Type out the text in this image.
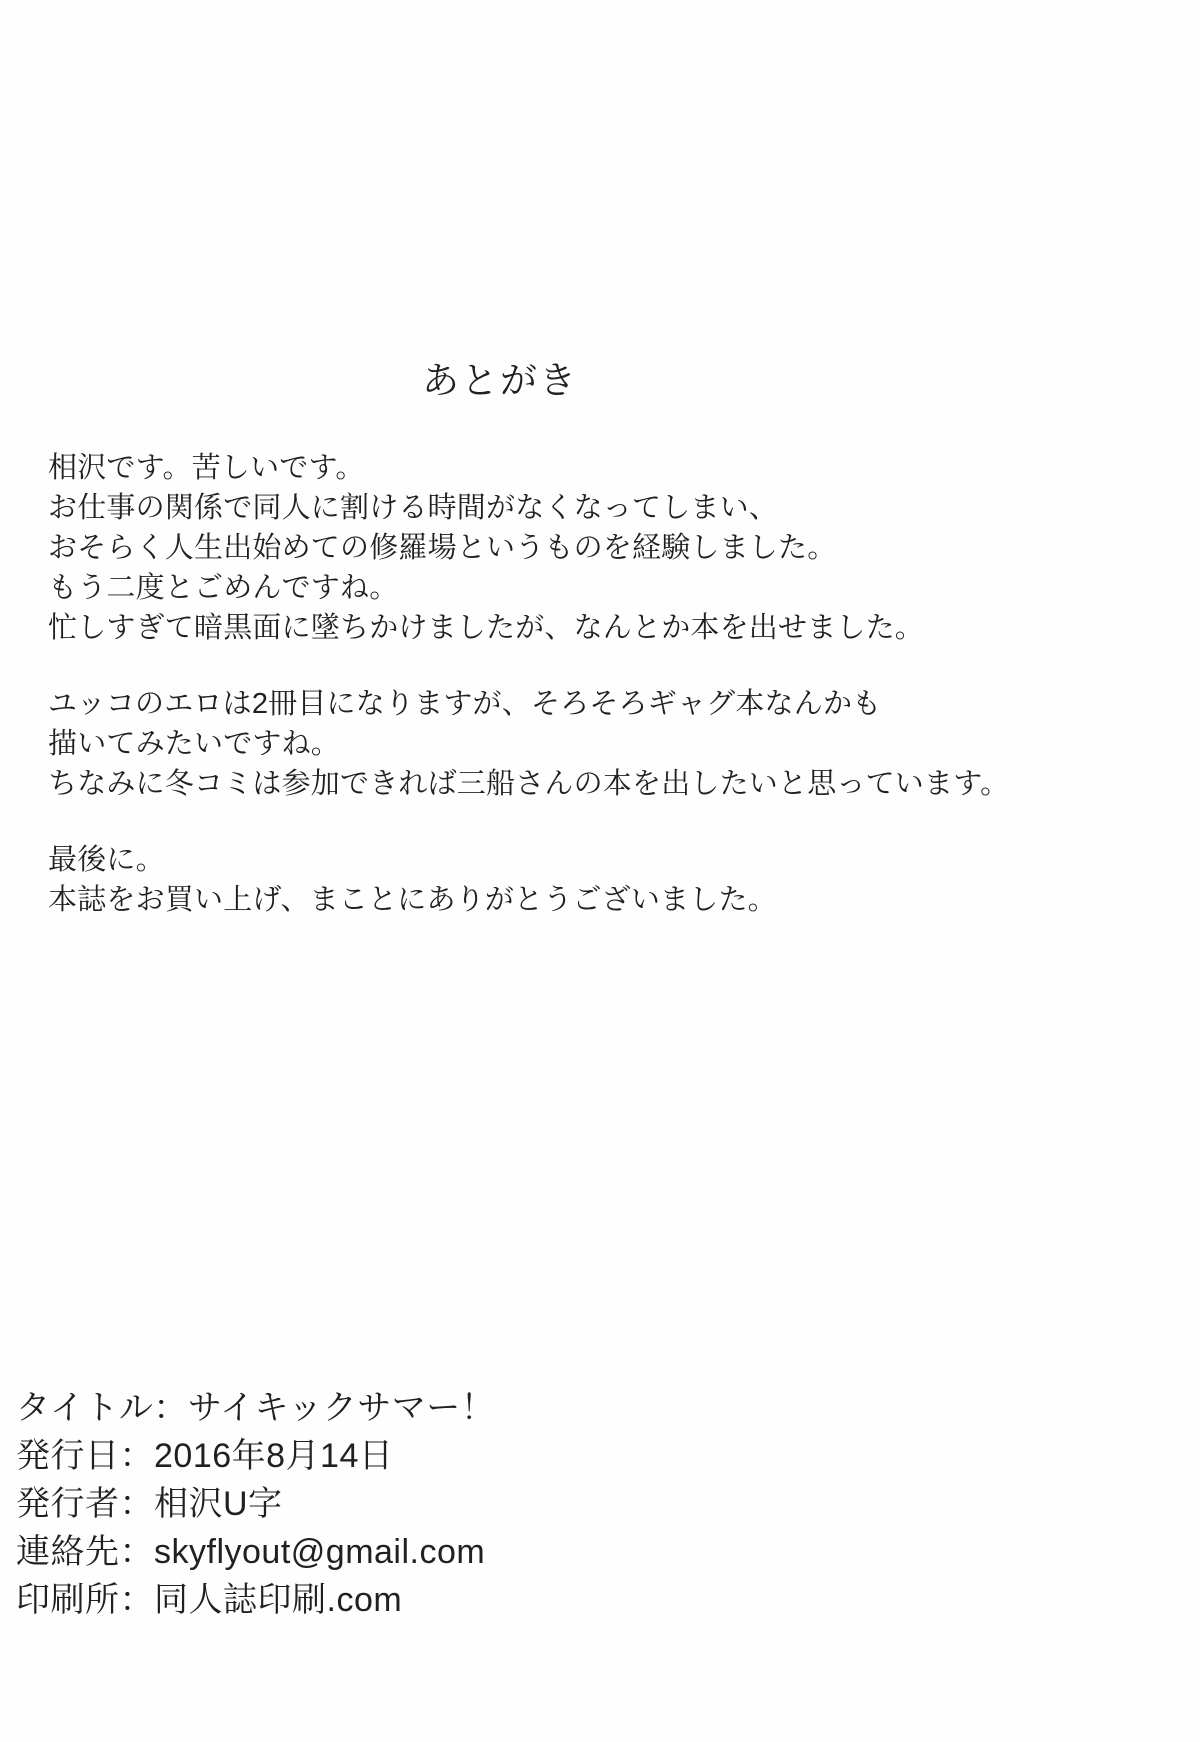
あとがき
相沢です。苦しいです。
お仕事の関係で同人に割ける時間がなくなってしまい、
おそらく人生出始めての修羅場というものを経験しました。
もう二度とごめんですね。
忙しすぎて暗黒面に墜ちかけましたが、なんとか本を出せました。
ユッコのエロは2冊目になりますが、そろそろギャグ本なんかも
描いてみたいですね。
ちなみに冬コミは参加できれば三船さんの本を出したいと思っています。
最後に。
本誌をお買い上げ、まことにありがとうございました。
タイトル：サイキックサマー！
発行日：2016年8月14日
発行者：相沢U字
連絡先：skyflyout@gmail.com
印刷所：同人誌印刷.com
